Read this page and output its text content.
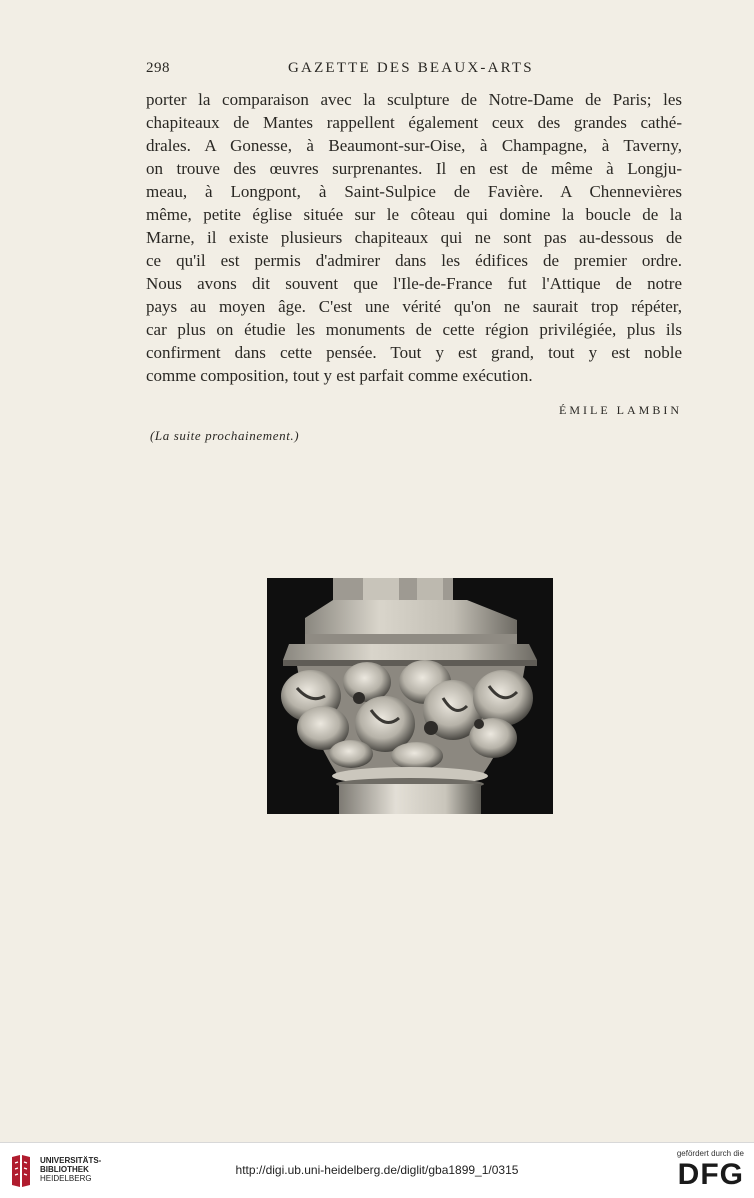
298	GAZETTE DES BEAUX-ARTS
porter la comparaison avec la sculpture de Notre-Dame de Paris; les
chapiteaux de Mantes rappellent également ceux des grandes cathé-
drales. A Gonesse, à Beaumont-sur-Oise, à Champagne, à Taverny,
on trouve des œuvres surprenantes. Il en est de même à Longju-
meau, à Longpont, à Saint-Sulpice de Favière. A Chennevières
même, petite église située sur le côteau qui domine la boucle de la
Marne, il existe plusieurs chapiteaux qui ne sont pas au-dessous de
ce qu'il est permis d'admirer dans les édifices de premier ordre.
Nous avons dit souvent que l'Ile-de-France fut l'Attique de notre
pays au moyen âge. C'est une vérité qu'on ne saurait trop répéter,
car plus on étudie les monuments de cette région privilégiée, plus ils
confirment dans cette pensée. Tout y est grand, tout y est noble
comme composition, tout y est parfait comme exécution.
ÉMILE LAMBIN
(La suite prochainement.)
UNIVERSITÄTS-
BIBLIOTHEK
HEIDELBERG
http://digi.ub.uni-heidelberg.de/diglit/gba1899_1/0315
gefördert durch die
DFG
